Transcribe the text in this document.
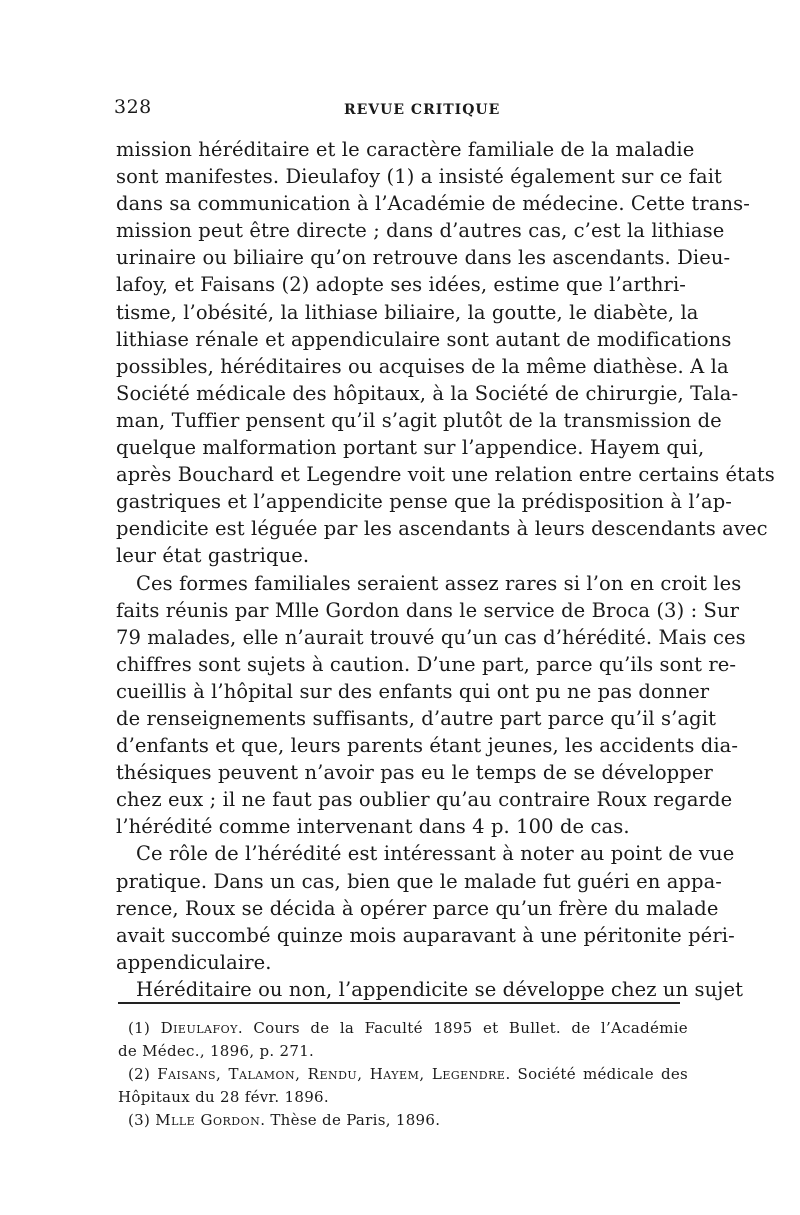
328	REVUE CRITIQUE
mission héréditaire et le caractère familiale de la maladie
sont manifestes. Dieulafoy (1) a insisté également sur ce fait
dans sa communication à l’Académie de médecine. Cette trans-
mission peut être directe ; dans d’autres cas, c’est la lithiase
urinaire ou biliaire qu’on retrouve dans les ascendants. Dieu-
lafoy, et Faisans (2) adopte ses idées, estime que l’arthri-
tisme, l’obésité, la lithiase biliaire, la goutte, le diabète, la
lithiase rénale et appendiculaire sont autant de modifications
possibles, héréditaires ou acquises de la même diathèse. A la
Société médicale des hôpitaux, à la Société de chirurgie, Tala-
man, Tuffier pensent qu’il s’agit plutôt de la transmission de
quelque malformation portant sur l’appendice. Hayem qui,
après Bouchard et Legendre voit une relation entre certains états
gastriques et l’appendicite pense que la prédisposition à l’ap-
pendicite est léguée par les ascendants à leurs descendants avec
leur état gastrique.
Ces formes familiales seraient assez rares si l’on en croit les
faits réunis par Mlle Gordon dans le service de Broca (3) : Sur
79 malades, elle n’aurait trouvé qu’un cas d’hérédité. Mais ces
chiffres sont sujets à caution. D’une part, parce qu’ils sont re-
cueillis à l’hôpital sur des enfants qui ont pu ne pas donner
de renseignements suffisants, d’autre part parce qu’il s’agit
d’enfants et que, leurs parents étant jeunes, les accidents dia-
thésiques peuvent n’avoir pas eu le temps de se développer
chez eux ; il ne faut pas oublier qu’au contraire Roux regarde
l’hérédité comme intervenant dans 4 p. 100 de cas.
Ce rôle de l’hérédité est intéressant à noter au point de vue
pratique. Dans un cas, bien que le malade fut guéri en appa-
rence, Roux se décida à opérer parce qu’un frère du malade
avait succombé quinze mois auparavant à une péritonite péri-
appendiculaire.
Héréditaire ou non, l’appendicite se développe chez un sujet
(1) Dieulafoy. Cours de la Faculté 1895 et Bullet. de l’Académie
de Médec., 1896, p. 271.
(2) Faisans, Talamon, Rendu, Hayem, Legendre. Société médicale des
Hôpitaux du 28 févr. 1896.
(3) Mlle Gordon. Thèse de Paris, 1896.
